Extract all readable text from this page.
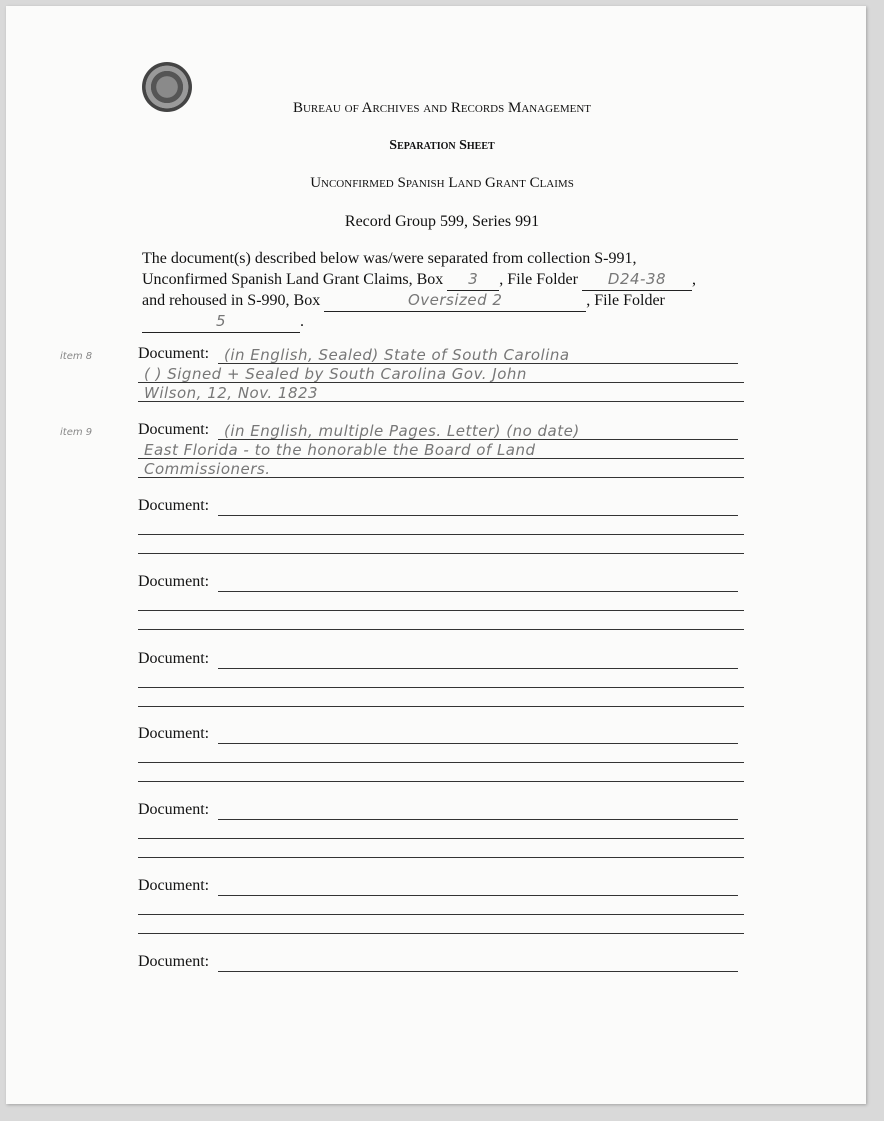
Bureau of Archives and Records Management
Separation Sheet
Unconfirmed Spanish Land Grant Claims
Record Group 599, Series 991
The document(s) described below was/were separated from collection S-991,
Unconfirmed Spanish Land Grant Claims, Box 3 , File Folder D24-38 ,
and rehoused in S-990, Box	Oversized 2	, File Folder
5	.
Document: (in English, Sealed) State of South Carolina
( ) Signed + Sealed by South Carolina Gov. John
Wilson, 12, Nov. 1823
item 8
Document: (in English, multiple Pages. Letter) (no date)
East Florida - to the honorable the Board of Land
Commissioners.
item 9
Document:
Document:
Document:
Document:
Document:
Document:
Document:
